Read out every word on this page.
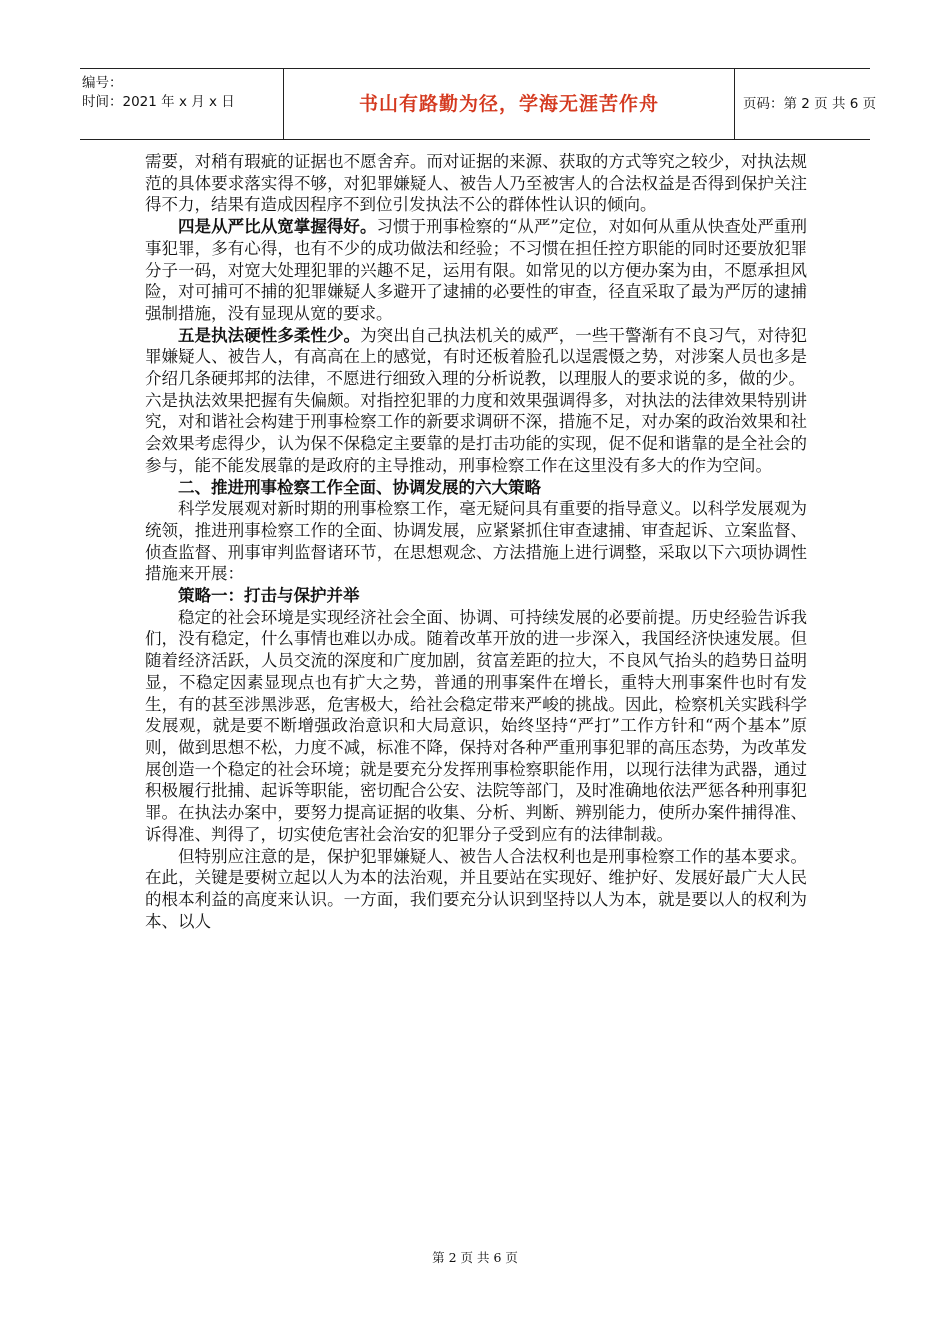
编号：
时间：2021 年 x 月 x 日	书山有路勤为径，学海无涯苦作舟	页码：第 2 页 共 6 页

需要，对稍有瑕疵的证据也不愿舍弃。而对证据的来源、获取的方式等究之较少，对执法规范的具体要求落实得不够，对犯罪嫌疑人、被告人乃至被害人的合法权益是否得到保护关注得不力，结果有造成因程序不到位引发执法不公的群体性认识的倾向。

四是从严比从宽掌握得好。习惯于刑事检察的“从严”定位，对如何从重从快查处严重刑事犯罪，多有心得，也有不少的成功做法和经验；不习惯在担任控方职能的同时还要放犯罪分子一码，对宽大处理犯罪的兴趣不足，运用有限。如常见的以方便办案为由，不愿承担风险，对可捕可不捕的犯罪嫌疑人多避开了逮捕的必要性的审查，径直采取了最为严厉的逮捕强制措施，没有显现从宽的要求。

五是执法硬性多柔性少。为突出自己执法机关的威严，一些干警渐有不良习气，对待犯罪嫌疑人、被告人，有高高在上的感觉，有时还板着脸孔以逞震慑之势，对涉案人员也多是介绍几条硬邦邦的法律，不愿进行细致入理的分析说教，以理服人的要求说的多，做的少。

六是执法效果把握有失偏颇。对指控犯罪的力度和效果强调得多，对执法的法律效果特别讲究，对和谐社会构建于刑事检察工作的新要求调研不深，措施不足，对办案的政治效果和社会效果考虑得少，认为保不保稳定主要靠的是打击功能的实现，促不促和谐靠的是全社会的参与，能不能发展靠的是政府的主导推动，刑事检察工作在这里没有多大的作为空间。

二、推进刑事检察工作全面、协调发展的六大策略

科学发展观对新时期的刑事检察工作，毫无疑问具有重要的指导意义。以科学发展观为统领，推进刑事检察工作的全面、协调发展，应紧紧抓住审查逮捕、审查起诉、立案监督、侦查监督、刑事审判监督诸环节，在思想观念、方法措施上进行调整，采取以下六项协调性措施来开展：

策略一：打击与保护并举

稳定的社会环境是实现经济社会全面、协调、可持续发展的必要前提。历史经验告诉我们，没有稳定，什么事情也难以办成。随着改革开放的进一步深入，我国经济快速发展。但随着经济活跃，人员交流的深度和广度加剧，贫富差距的拉大，不良风气抬头的趋势日益明显，不稳定因素显现点也有扩大之势，普通的刑事案件在增长，重特大刑事案件也时有发生，有的甚至涉黑涉恶，危害极大，给社会稳定带来严峻的挑战。因此，检察机关实践科学发展观，就是要不断增强政治意识和大局意识，始终坚持“严打”工作方针和“两个基本”原则，做到思想不松，力度不减，标准不降，保持对各种严重刑事犯罪的高压态势，为改革发展创造一个稳定的社会环境；就是要充分发挥刑事检察职能作用，以现行法律为武器，通过积极履行批捕、起诉等职能，密切配合公安、法院等部门，及时准确地依法严惩各种刑事犯罪。在执法办案中，要努力提高证据的收集、分析、判断、辨别能力，使所办案件捕得准、诉得准、判得了，切实使危害社会治安的犯罪分子受到应有的法律制裁。

但特别应注意的是，保护犯罪嫌疑人、被告人合法权利也是刑事检察工作的基本要求。在此，关键是要树立起以人为本的法治观，并且要站在实现好、维护好、发展好最广大人民的根本利益的高度来认识。一方面，我们要充分认识到坚持以人为本，就是要以人的权利为本、以人

第 2 页 共 6 页
